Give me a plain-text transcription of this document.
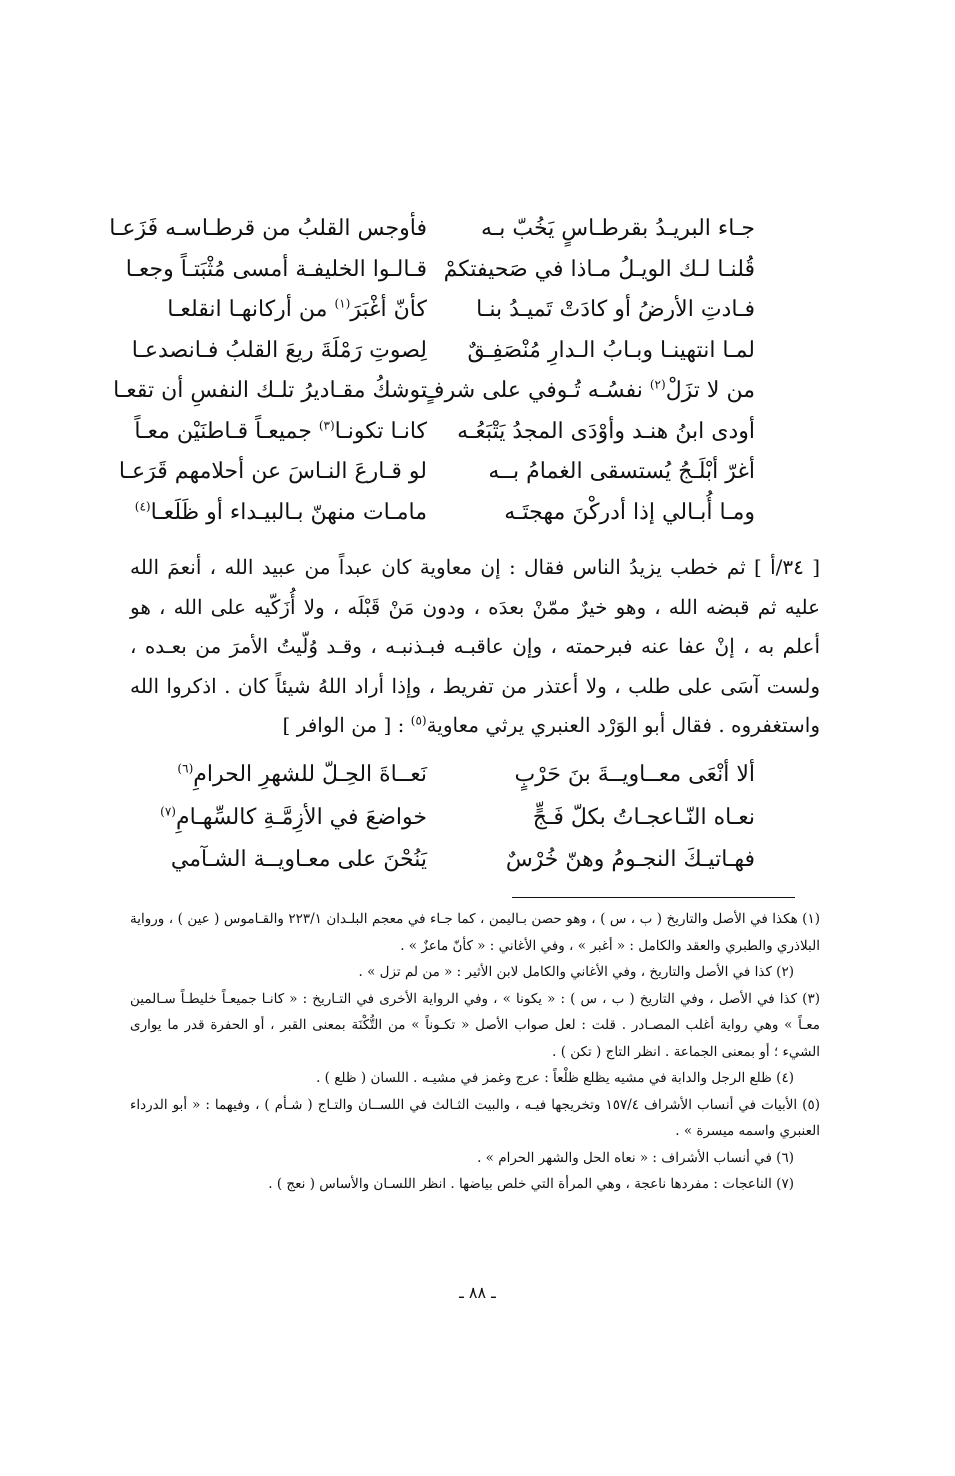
جـاء البريـدُ بقرطـاسٍ يَخُبّ بـه
فأوجس القلبُ من قرطـاسـه فَزَعـا
قُلنـا لـك الويـلُ مـاذا في صَحيفتكمْ
قـالـوا الخليفـة أمسى مُثْبَتـاً وجعـا
فـادتِ الأرضُ أو كادَتْ تَميـدُ بنـا
كأنّ أغْبَرَ$^{(١)}$ من أركانهـا انقلعـا
لمـا انتهينـا وبـابُ الـدارِ مُنْصَفِـقٌ
لِصوتِ رَمْلَةَ ريعَ القلبُ فـانصدعـا
من لا تزَلْ$^{(٢)}$ نفسُـه تُـوفي على شرفٍ
توشكُ مقـاديرُ تلـك النفسِ أن تقعـا
أودى ابنُ هنـد وأوْدَى المجدُ يَتْبَعُـه
كانـا تكونـا$^{(٣)}$ جميعـاً قـاطنَيْن معـاً
أغرّ أبْلَـجُ يُستسقى الغمامُ بــه
لو قـارعَ النـاسَ عن أحلامهم قَرَعـا
ومـا أُبـالي إذا أدركْنَ مهجتَـه
مامـات منهنّ بـالبيـداء أو ظَلَعـا$^{(٤)}$
[ ٣٤/أ ] ثم خطب يزيدُ الناس فقال : إن معاوية كان عبداً من عبيد الله ، أنعمَ الله عليه ثم قبضه الله ، وهو خيرٌ ممّنْ بعدَه ، ودون مَنْ قَبْلَه ، ولا أُزَكّيه على الله ، هو أعلم به ، إنْ عفا عنه فبرحمته ، وإن عاقبـه فبـذنبـه ، وقـد وُلّيتُ الأمرَ من بعـده ، ولست آسَى على طلب ، ولا أعتذر من تفريط ، وإذا أراد اللهُ شيئاً كان . اذكروا الله واستغفروه . فقال أبو الوَرْد العنبري يرثي معاوية$^{(٥)}$ : [ من الوافر ]
ألا أنْعَى معــاويــةَ بنَ حَرْبٍ
نَعــاةَ الحِـلّ للشهرِ الحرامِ$^{(٦)}$
نعـاه النّـاعجـاتُ بكلّ فَـجٍّ
خواضعَ في الأزِمَّـةِ كالسِّهـامِ$^{(٧)}$
فهـاتيـكَ النجـومُ وهنّ خُرْسٌ
يَنُحْنَ على معـاويــة الشـآمي

(١) هكذا في الأصل والتاريخ ( ب ، س ) ، وهو حصن بـاليمن ، كما جـاء في معجم البلـدان ٢٢٣/١ والقـاموس ( عين ) ، ورواية البلاذري والطبري والعقد والكامل : « أغبر » ، وفي الأغاني : « كأنّ ماعزٌ » .

(٢) كذا في الأصل والتاريخ ، وفي الأغاني والكامل لابن الأثير : « من لم تزل » .

(٣) كذا في الأصل ، وفي التاريخ ( ب ، س ) : « يكونا » ، وفي الرواية الأخرى في التـاريخ : « كانـا جميعـاً خليطـاً سـالمين معـاً » وهي رواية أغلب المصـادر . قلت : لعل صواب الأصل « تكـوناً » من التُّكْنَة بمعنى القبر ، أو الحفرة قدر ما يوارى الشيء ؛ أو بمعنى الجماعة . انظر التاج ( تكن ) .

(٤) ظلع الرجل والدابة في مشيه يظلع ظلْعاً : عرج وغمز في مشيـه . اللسان ( ظلع ) .

(٥) الأبيات في أنساب الأشراف ١٥٧/٤ وتخريجها فيـه ، والبيت الثـالث في اللســان والتـاج ( شـأم ) ، وفيهما : « أبو الدرداء العنبري واسمه ميسرة » .

(٦) في أنساب الأشراف : « نعاه الحل والشهر الحرام » .

(٧) الناعجات : مفردها ناعجة ، وهي المرأة التي خلص بياضها . انظر اللسـان والأساس ( نعج ) .

ـ ٨٨ ـ
